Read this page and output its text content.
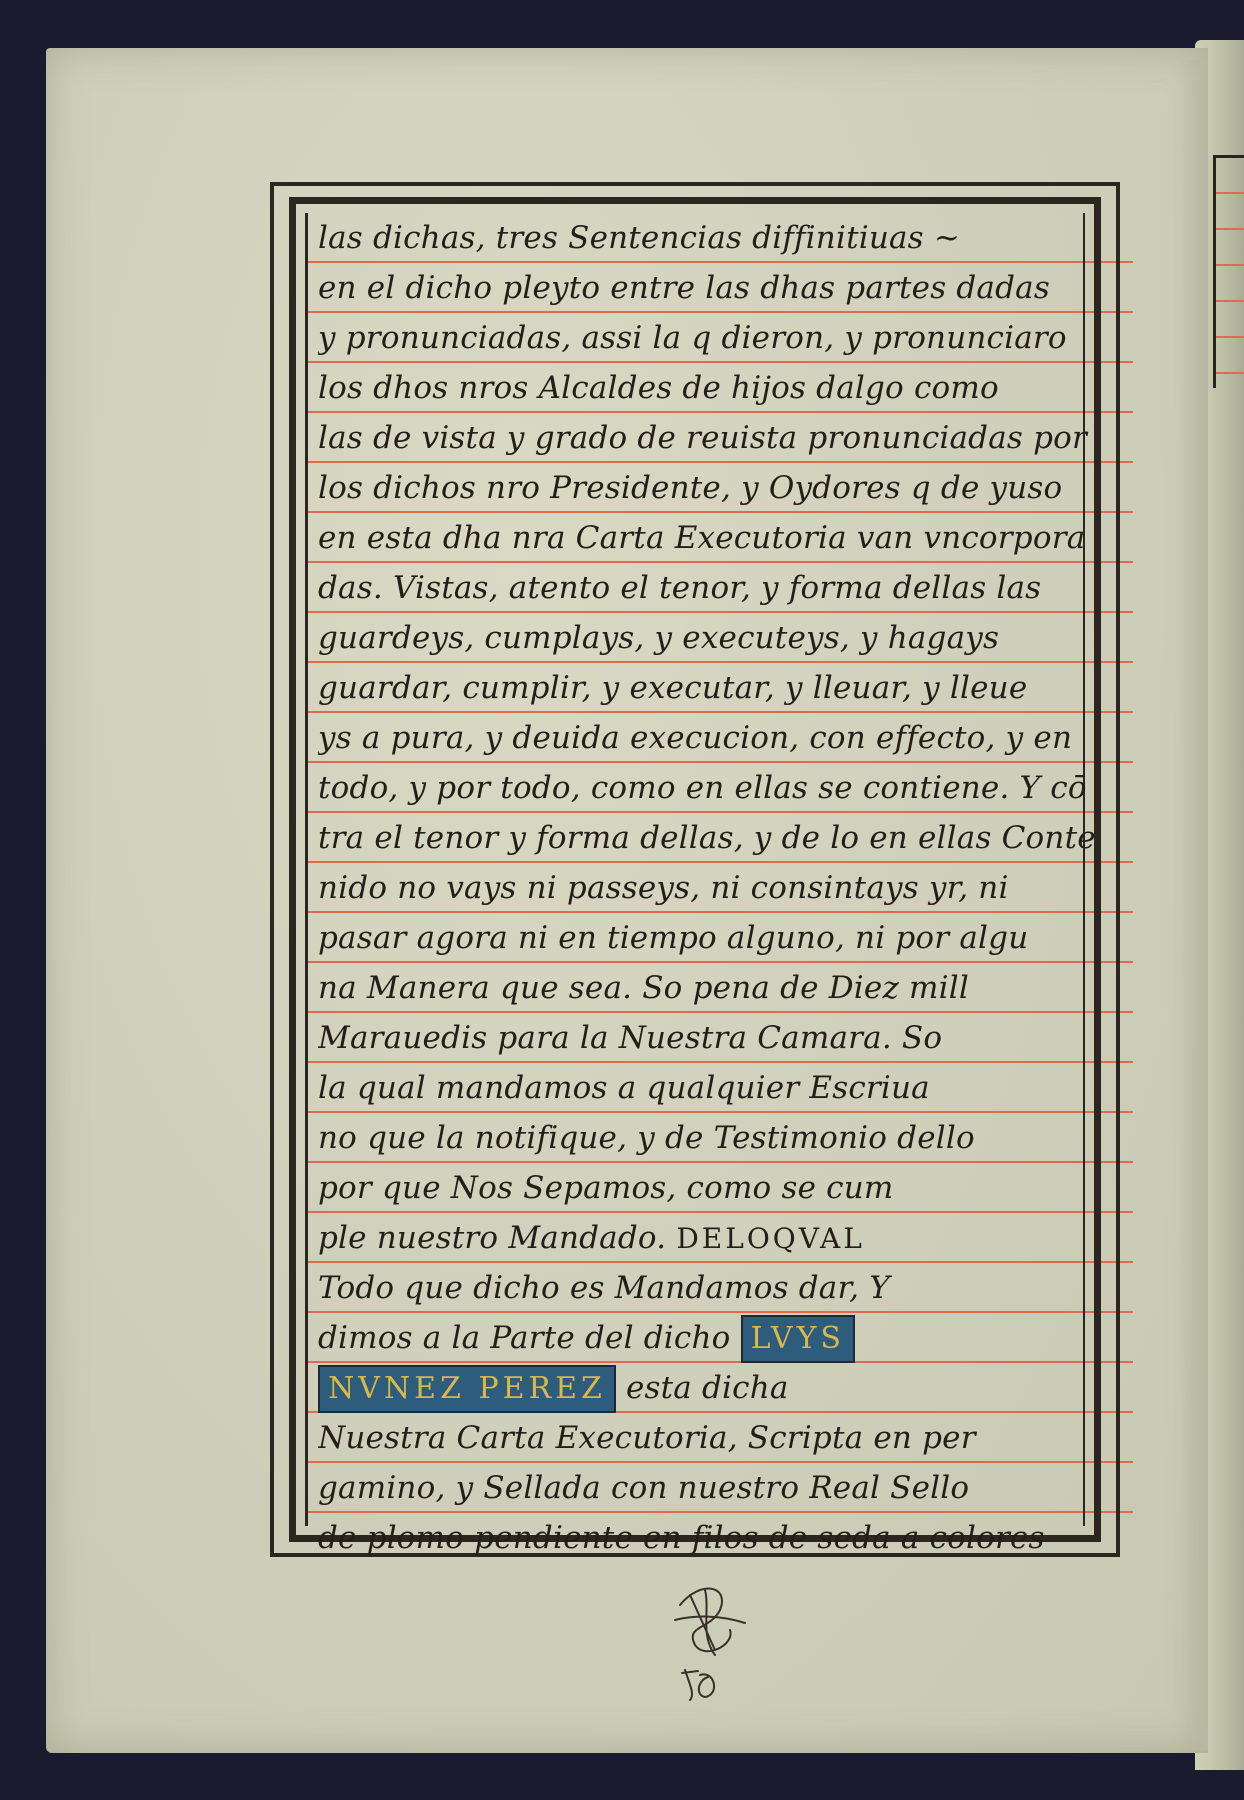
las dichas, tres Sentencias diffinitiuas ~
en el dicho pleyto entre las dhas partes dadas
y pronunciadas, assi la q dieron, y pronunciaro
los dhos nros Alcaldes de hijos dalgo como
las de vista y grado de reuista pronunciadas por
los dichos nro Presidente, y Oydores q de yuso
en esta dha nra Carta Executoria van vncorpora
das. Vistas, atento el tenor, y forma dellas las
guardeys, cumplays, y executeys, y hagays
guardar, cumplir, y executar, y lleuar, y lleue
ys a pura, y deuida execucion, con effecto, y en
todo, y por todo, como en ellas se contiene. Y cō
tra el tenor y forma dellas, y de lo en ellas Conte
nido no vays ni passeys, ni consintays yr, ni
pasar agora ni en tiempo alguno, ni por algu
na Manera que sea. So pena de Diez mill
Marauedis para la Nuestra Camara. So
la qual mandamos a qualquier Escriua
no que la notifique, y de Testimonio dello
por que Nos Sepamos, como se cum
ple nuestro Mandado. DELOQVAL
Todo que dicho es Mandamos dar, Y
dimos a la Parte del dicho LVYS
NVNEZ PEREZ esta dicha
Nuestra Carta Executoria, Scripta en per
gamino, y Sellada con nuestro Real Sello
de plomo pendiente en filos de seda a colores
